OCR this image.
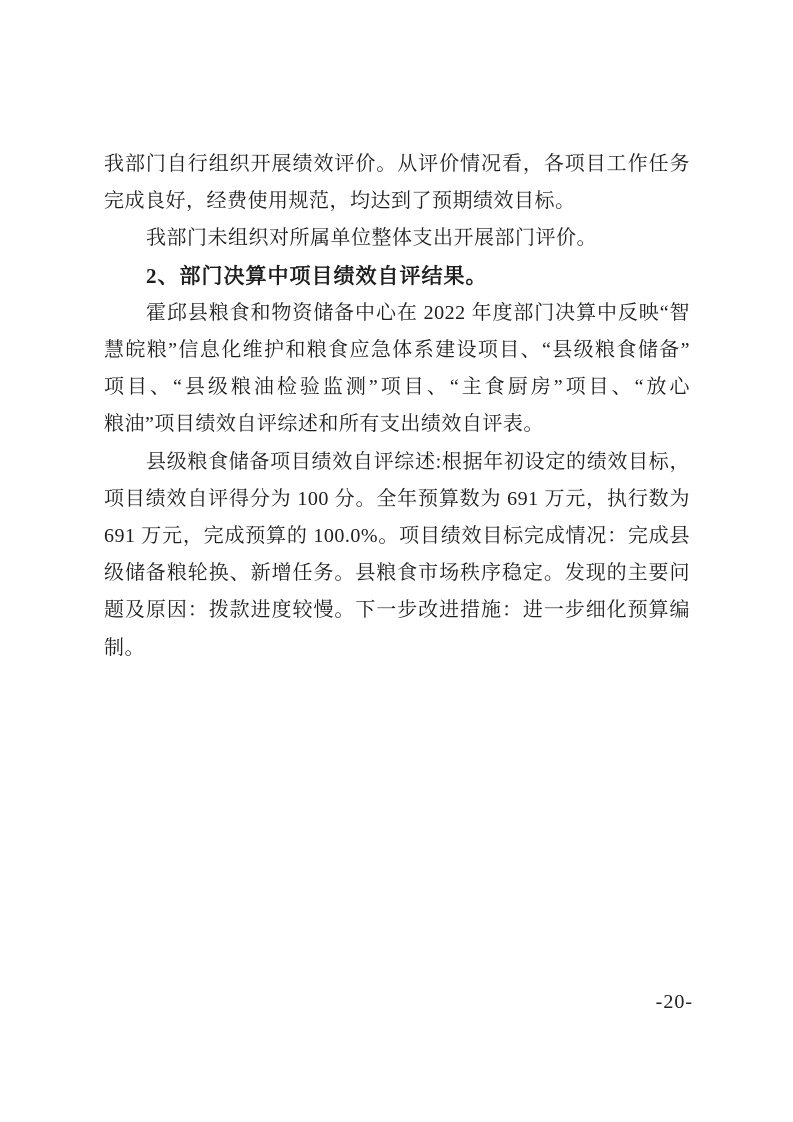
我部门自行组织开展绩效评价。从评价情况看，各项目工作任务
完成良好，经费使用规范，均达到了预期绩效目标。
我部门未组织对所属单位整体支出开展部门评价。
2、部门决算中项目绩效自评结果。
霍邱县粮食和物资储备中心在 2022 年度部门决算中反映“智
慧皖粮”信息化维护和粮食应急体系建设项目、“县级粮食储备”
项目、“县级粮油检验监测”项目、“主食厨房”项目、“放心
粮油”项目绩效自评综述和所有支出绩效自评表。
县级粮食储备项目绩效自评综述:根据年初设定的绩效目标，
项目绩效自评得分为 100 分。全年预算数为 691 万元，执行数为
691 万元，完成预算的 100.0%。项目绩效目标完成情况：完成县
级储备粮轮换、新增任务。县粮食市场秩序稳定。发现的主要问
题及原因：拨款进度较慢。下一步改进措施：进一步细化预算编
制。
-20-
